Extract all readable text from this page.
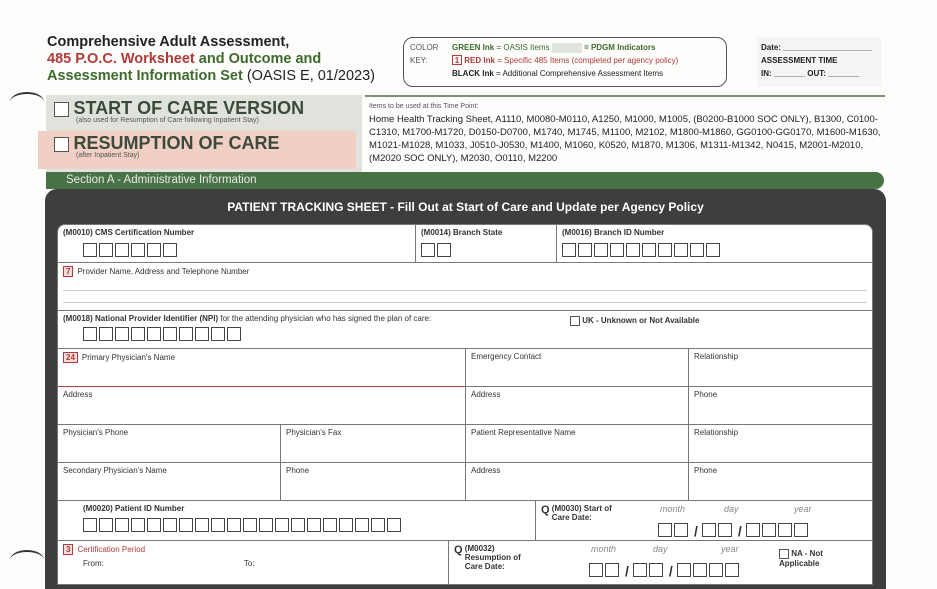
Comprehensive Adult Assessment,
485 P.O.C. Worksheet and Outcome and
Assessment Information Set (OASIS E, 01/2023)
COLOR KEY:
GREEN Ink = OASIS Items	= PDGM Indicators
1 RED Ink = Specific 485 Items (completed per agency policy)
BLACK Ink = Additional Comprehensive Assessment Items
Date: ____________________
ASSESSMENT TIME
IN: _______ OUT: _______
START OF CARE VERSION
(also used for Resumption of Care following Inpatient Stay)
RESUMPTION OF CARE
(after Inpatient Stay)
Items to be used at this Time Point:
Home Health Tracking Sheet, A1110, M0080-M0110, A1250, M1000, M1005, (B0200-B1000 SOC ONLY), B1300, C0100-C1310, M1700-M1720, D0150-D0700, M1740, M1745, M1100, M2102, M1800-M1860, GG0100-GG0170, M1600-M1630, M1021-M1028, M1033, J0510-J0530, M1400, M1060, K0520, M1870, M1306, M1311-M1342, N0415, M2001-M2010, (M2020 SOC ONLY), M2030, O0110, M2200
Section A - Administrative Information
PATIENT TRACKING SHEET - Fill Out at Start of Care and Update per Agency Policy
(M0010) CMS Certification Number	(M0014) Branch State	(M0016) Branch ID Number
7 Provider Name, Address and Telephone Number
(M0018) National Provider Identifier (NPI) for the attending physician who has signed the plan of care:	UK - Unknown or Not Available
24 Primary Physician's Name	Emergency Contact	Relationship
Address	Address	Phone
Physician's Phone	Physician's Fax	Patient Representative Name	Relationship
Secondary Physician's Name	Phone	Address	Phone
(M0020) Patient ID Number	Q (M0030) Start of Care Date:
month	day	year
/	/
3 Certification Period
From:	To:
Q (M0032) Resumption of Care Date:
month	day	year
/	/
NA - Not Applicable
